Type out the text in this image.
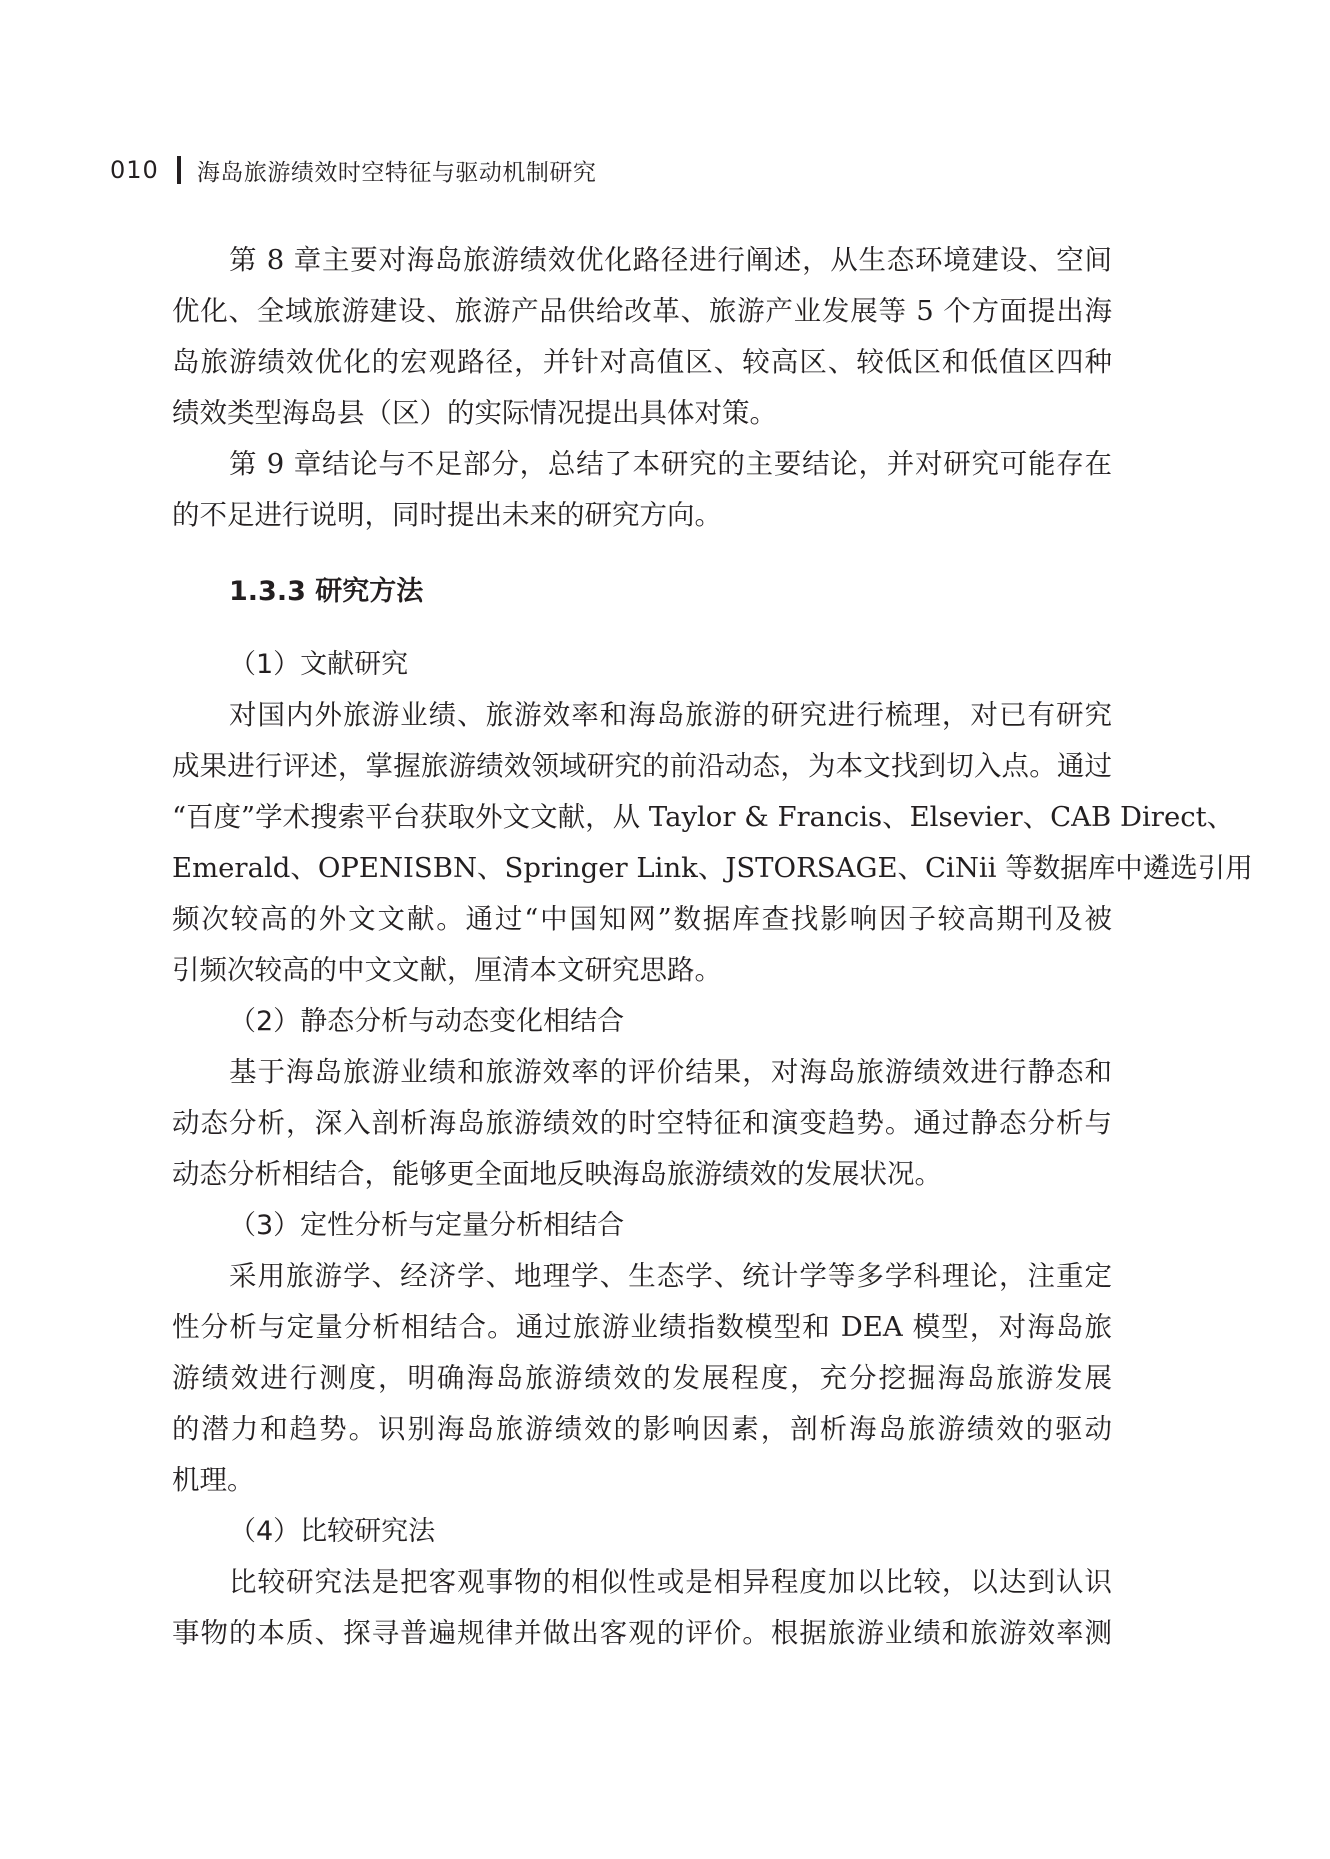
010 海岛旅游绩效时空特征与驱动机制研究
第 8 章主要对海岛旅游绩效优化路径进行阐述，从生态环境建设、空间
优化、全域旅游建设、旅游产品供给改革、旅游产业发展等 5 个方面提出海
岛旅游绩效优化的宏观路径，并针对高值区、较高区、较低区和低值区四种
绩效类型海岛县（区）的实际情况提出具体对策。
第 9 章结论与不足部分，总结了本研究的主要结论，并对研究可能存在
的不足进行说明，同时提出未来的研究方向。
1.3.3 研究方法
（1）文献研究
对国内外旅游业绩、旅游效率和海岛旅游的研究进行梳理，对已有研究
成果进行评述，掌握旅游绩效领域研究的前沿动态，为本文找到切入点。通过
“百度”学术搜索平台获取外文文献，从 Taylor & Francis、Elsevier、CAB Direct、
Emerald、OPENISBN、Springer Link、JSTORSAGE、CiNii 等数据库中遴选引用
频次较高的外文文献。通过“中国知网”数据库查找影响因子较高期刊及被
引频次较高的中文文献，厘清本文研究思路。
（2）静态分析与动态变化相结合
基于海岛旅游业绩和旅游效率的评价结果，对海岛旅游绩效进行静态和
动态分析，深入剖析海岛旅游绩效的时空特征和演变趋势。通过静态分析与
动态分析相结合，能够更全面地反映海岛旅游绩效的发展状况。
（3）定性分析与定量分析相结合
采用旅游学、经济学、地理学、生态学、统计学等多学科理论，注重定
性分析与定量分析相结合。通过旅游业绩指数模型和 DEA 模型，对海岛旅
游绩效进行测度，明确海岛旅游绩效的发展程度，充分挖掘海岛旅游发展
的潜力和趋势。识别海岛旅游绩效的影响因素，剖析海岛旅游绩效的驱动
机理。
（4）比较研究法
比较研究法是把客观事物的相似性或是相异程度加以比较，以达到认识
事物的本质、探寻普遍规律并做出客观的评价。根据旅游业绩和旅游效率测
